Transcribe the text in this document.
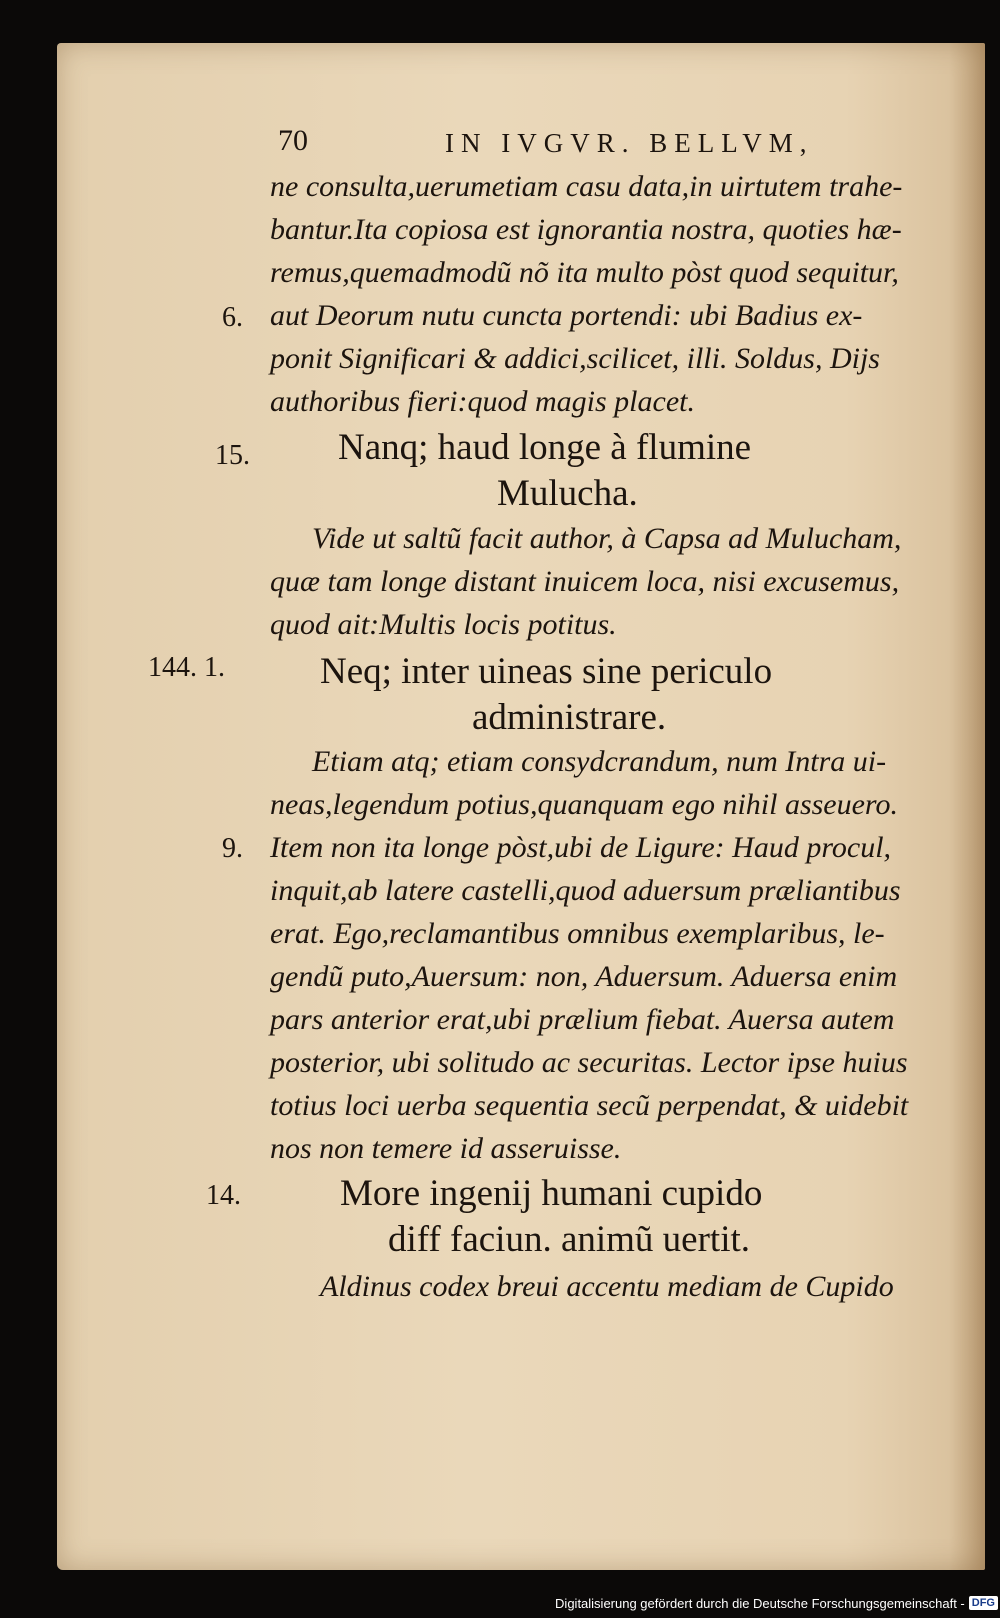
70	IN IVGVR. BELLVM,
ne consulta,uerumetiam casu data,in uirtutem trahe-
bantur.Ita copiosa est ignorantia nostra, quoties hæ-
remus,quemadmodũ nõ ita multo pòst quod sequitur,
aut Deorum nutu cuncta portendi: ubi Badius ex-
ponit Significari & addici,scilicet, illi. Soldus, Dijs
authoribus fieri:quod magis placet.
Nanq; haud longe à flumine
Mulucha.
Vide ut saltũ facit author, à Capsa ad Mulucham,
quæ tam longe distant inuicem loca, nisi excusemus,
quod ait:Multis locis potitus.
Neq; inter uineas sine periculo
administrare.
Etiam atq; etiam consydcrandum, num Intra ui-
neas,legendum potius,quanquam ego nihil asseuero.
Item non ita longe pòst,ubi de Ligure: Haud procul,
inquit,ab latere castelli,quod aduersum præliantibus
erat. Ego,reclamantibus omnibus exemplaribus, le-
gendũ puto,Auersum: non, Aduersum. Aduersa enim
pars anterior erat,ubi prælium fiebat. Auersa autem
posterior, ubi solitudo ac securitas. Lector ipse huius
totius loci uerba sequentia secũ perpendat, & uidebit
nos non temere id asseruisse.
More ingenij humani cupido
diff faciun. animũ uertit.
Aldinus codex breui accentu mediam de Cupido
6.
15.
144. 1.
9.
14.
Digitalisierung gefördert durch die Deutsche Forschungsgemeinschaft - DFG
